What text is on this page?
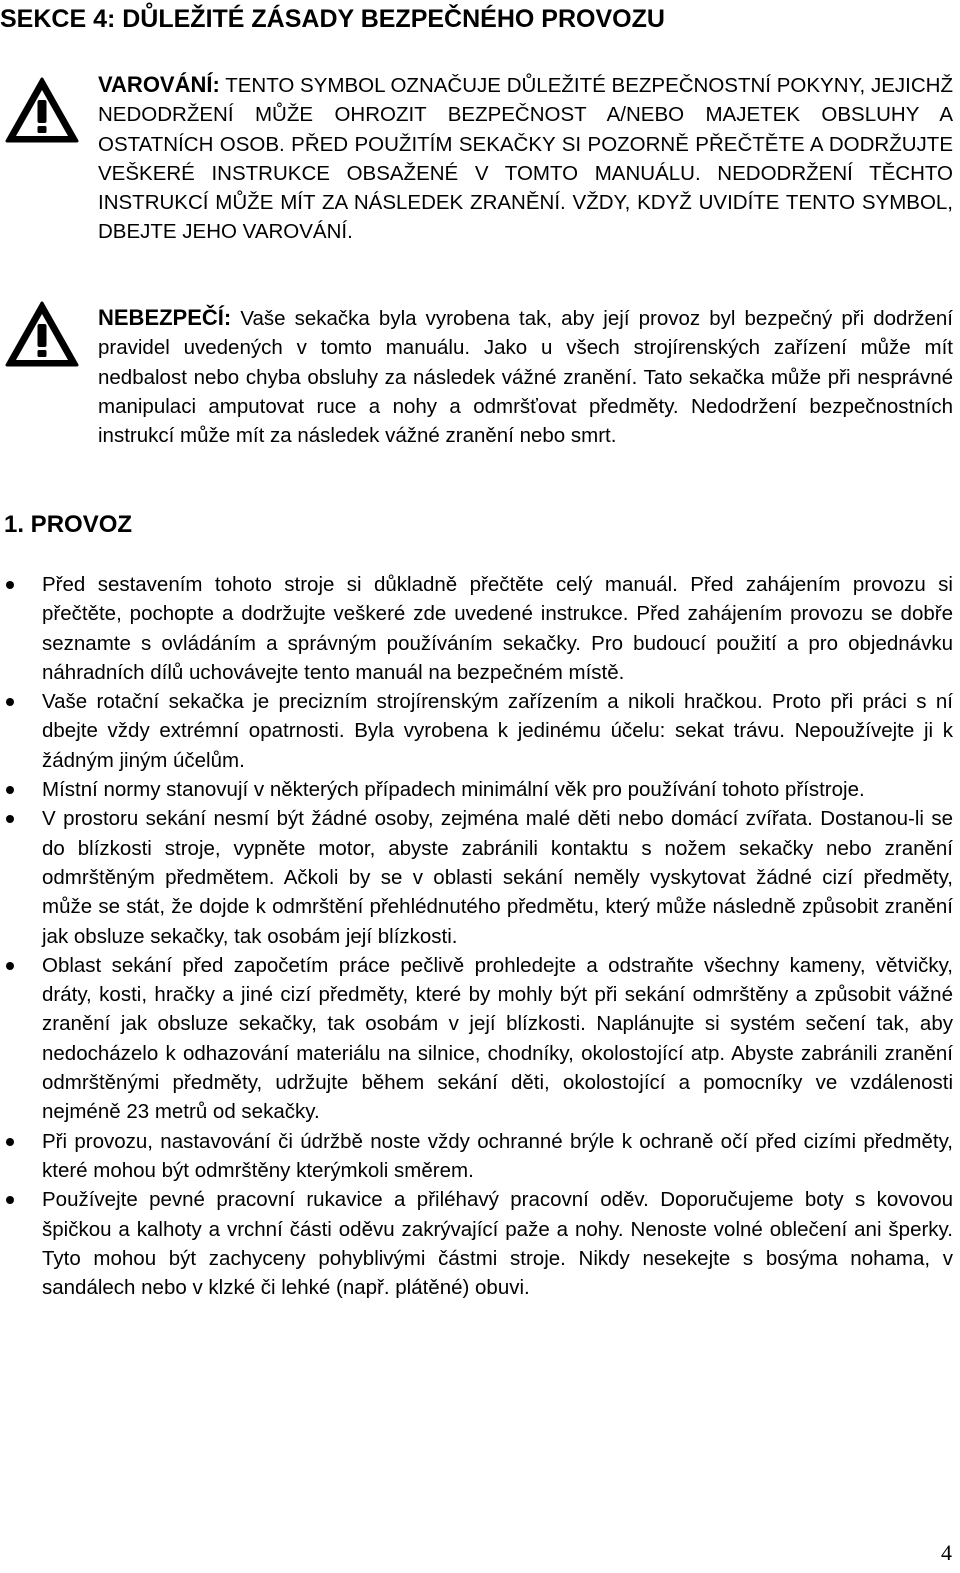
SEKCE 4: DŮLEŽITÉ ZÁSADY BEZPEČNÉHO PROVOZU

VAROVÁNÍ: TENTO SYMBOL OZNAČUJE DŮLEŽITÉ BEZPEČNOSTNÍ POKYNY, JEJICHŽ NEDODRŽENÍ MŮŽE OHROZIT BEZPEČNOST A/NEBO MAJETEK OBSLUHY A OSTATNÍCH OSOB. PŘED POUŽITÍM SEKAČKY SI POZORNĚ PŘEČTĚTE A DODRŽUJTE VEŠKERÉ INSTRUKCE OBSAŽENÉ V TOMTO MANUÁLU. NEDODRŽENÍ TĚCHTO INSTRUKCÍ MŮŽE MÍT ZA NÁSLEDEK ZRANĚNÍ. VŽDY, KDYŽ UVIDÍTE TENTO SYMBOL, DBEJTE JEHO VAROVÁNÍ.

NEBEZPEČÍ: Vaše sekačka byla vyrobena tak, aby její provoz byl bezpečný při dodržení pravidel uvedených v tomto manuálu. Jako u všech strojírenských zařízení může mít nedbalost nebo chyba obsluhy za následek vážné zranění. Tato sekačka může při nesprávné manipulaci amputovat ruce a nohy a odmršťovat předměty. Nedodržení bezpečnostních instrukcí může mít za následek vážné zranění nebo smrt.

1. PROVOZ
Před sestavením tohoto stroje si důkladně přečtěte celý manuál. Před zahájením provozu si přečtěte, pochopte a dodržujte veškeré zde uvedené instrukce. Před zahájením provozu se dobře seznamte s ovládáním a správným používáním sekačky. Pro budoucí použití a pro objednávku náhradních dílů uchovávejte tento manuál na bezpečném místě.
Vaše rotační sekačka je precizním strojírenským zařízením a nikoli hračkou. Proto při práci s ní dbejte vždy extrémní opatrnosti. Byla vyrobena k jedinému účelu: sekat trávu. Nepoužívejte ji k žádným jiným účelům.
Místní normy stanovují v některých případech minimální věk pro používání tohoto přístroje.
V prostoru sekání nesmí být žádné osoby, zejména malé děti nebo domácí zvířata. Dostanou-li se do blízkosti stroje, vypněte motor, abyste zabránili kontaktu s nožem sekačky nebo zranění odmrštěným předmětem. Ačkoli by se v oblasti sekání neměly vyskytovat žádné cizí předměty, může se stát, že dojde k odmrštění přehlédnutého předmětu, který může následně způsobit zranění jak obsluze sekačky, tak osobám její blízkosti.
Oblast sekání před započetím práce pečlivě prohledejte a odstraňte všechny kameny, větvičky, dráty, kosti, hračky a jiné cizí předměty, které by mohly být při sekání odmrštěny a způsobit vážné zranění jak obsluze sekačky, tak osobám v její blízkosti. Naplánujte si systém sečení tak, aby nedocházelo k odhazování materiálu na silnice, chodníky, okolostojící atp. Abyste zabránili zranění odmrštěnými předměty, udržujte během sekání děti, okolostojící a pomocníky ve vzdálenosti nejméně 23 metrů od sekačky.
Při provozu, nastavování či údržbě noste vždy ochranné brýle k ochraně očí před cizími předměty, které mohou být odmrštěny kterýmkoli směrem.
Používejte pevné pracovní rukavice a přiléhavý pracovní oděv. Doporučujeme boty s kovovou špičkou a kalhoty a vrchní části oděvu zakrývající paže a nohy. Nenoste volné oblečení ani šperky. Tyto mohou být zachyceny pohyblivými částmi stroje. Nikdy nesekejte s bosýma nohama, v sandálech nebo v klzké či lehké (např. plátěné) obuvi.
4
